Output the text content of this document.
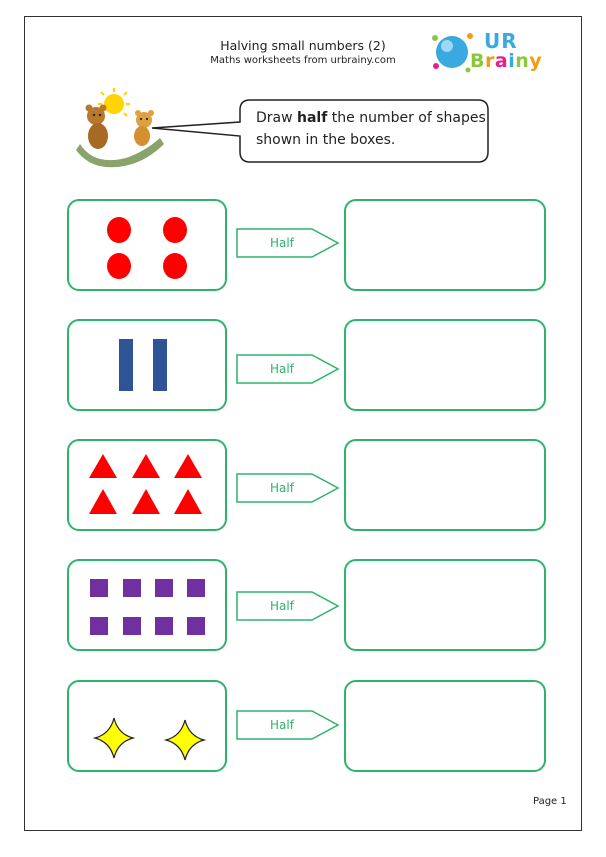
Halving small numbers (2)
Maths worksheets from urbrainy.com
UR
Brainy
Draw half the number of shapes shown in the boxes.
Half
Half
Half
Half
Half
Page 1
